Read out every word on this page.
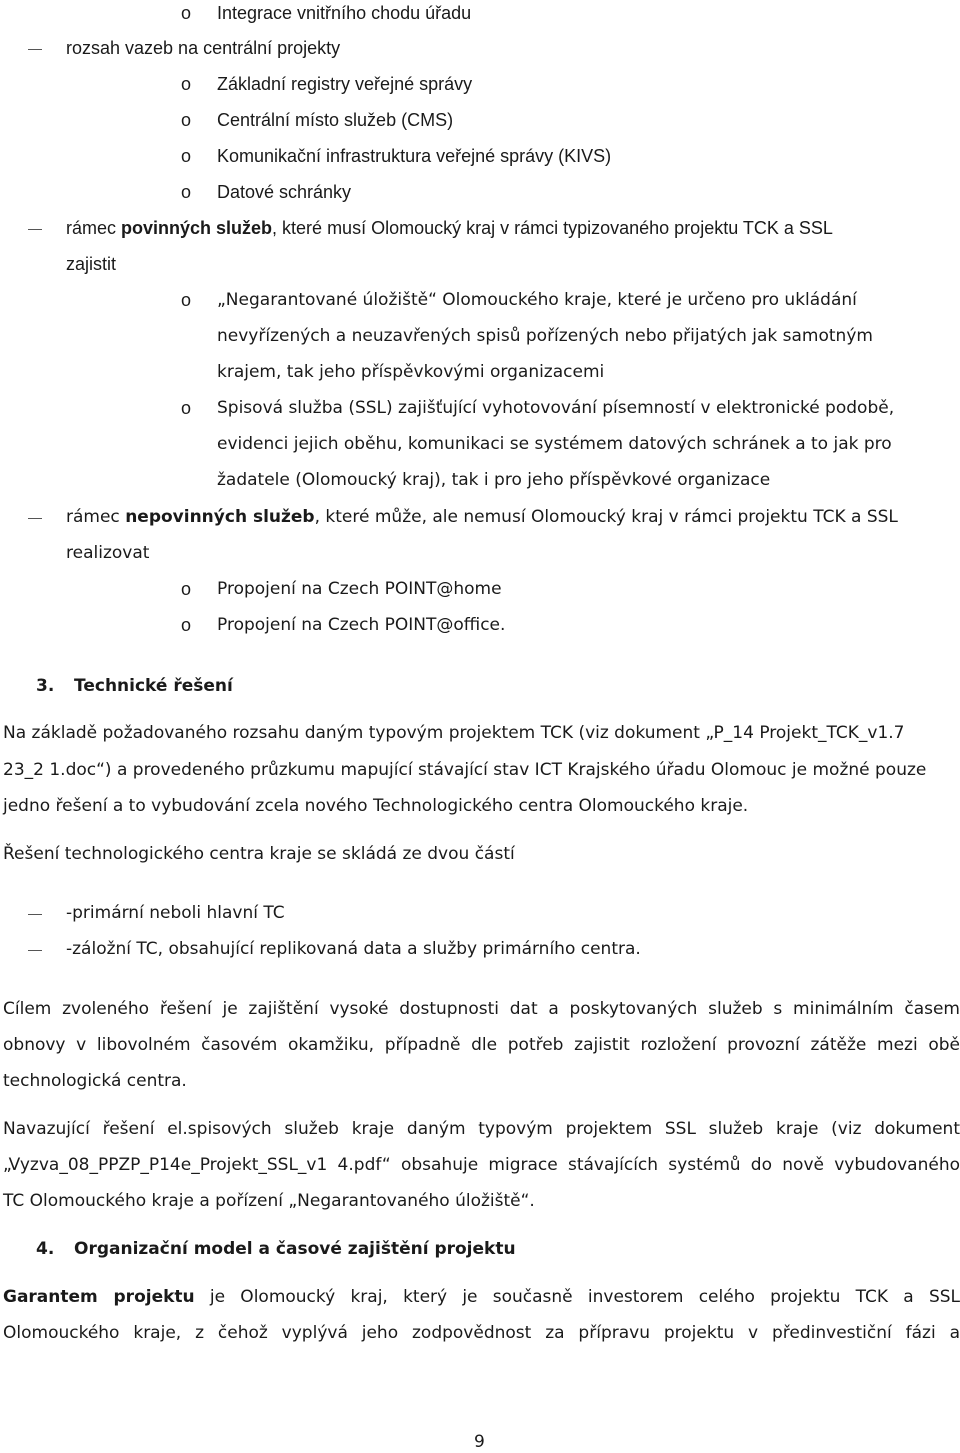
o Integrace vnitřního chodu úřadu
rozsah vazeb na centrální projekty
o Základní registry veřejné správy
o Centrální místo služeb (CMS)
o Komunikační infrastruktura veřejné správy (KIVS)
o Datové schránky
rámec povinných služeb, které musí Olomoucký kraj v rámci typizovaného projektu TCK a SSL
zajistit
o „Negarantované úložiště“ Olomouckého kraje, které je určeno pro ukládání
nevyřízených a neuzavřených spisů pořízených nebo přijatých jak samotným
krajem, tak jeho příspěvkovými organizacemi
o Spisová služba (SSL) zajišťující vyhotovování písemností v elektronické podobě,
evidenci jejich oběhu, komunikaci se systémem datových schránek a to jak pro
žadatele (Olomoucký kraj), tak i pro jeho příspěvkové organizace
rámec nepovinných služeb, které může, ale nemusí Olomoucký kraj v rámci projektu TCK a SSL
realizovat
o Propojení na Czech POINT@home
o Propojení na Czech POINT@office.
3. Technické řešení
Na základě požadovaného rozsahu daným typovým projektem TCK (viz dokument „P_14 Projekt_TCK_v1.7
23_2 1.doc“) a provedeného průzkumu mapující stávající stav ICT Krajského úřadu Olomouc je možné pouze
jedno řešení a to vybudování zcela nového Technologického centra Olomouckého kraje.
Řešení technologického centra kraje se skládá ze dvou částí
-primární neboli hlavní TC
-záložní TC, obsahující replikovaná data a služby primárního centra.
Cílem zvoleného řešení je zajištění vysoké dostupnosti dat a poskytovaných služeb s minimálním časem
obnovy v libovolném časovém okamžiku, případně dle potřeb zajistit rozložení provozní zátěže mezi obě
technologická centra.
Navazující řešení el.spisových služeb kraje daným typovým projektem SSL služeb kraje (viz dokument
„Vyzva_08_PPZP_P14e_Projekt_SSL_v1 4.pdf“ obsahuje migrace stávajících systémů do nově vybudovaného
TC Olomouckého kraje a pořízení „Negarantovaného úložiště“.
4. Organizační model a časové zajištění projektu
Garantem projektu je Olomoucký kraj, který je současně investorem celého projektu TCK a SSL
Olomouckého kraje, z čehož vyplývá jeho zodpovědnost za přípravu projektu v předinvestiční fázi a
9
